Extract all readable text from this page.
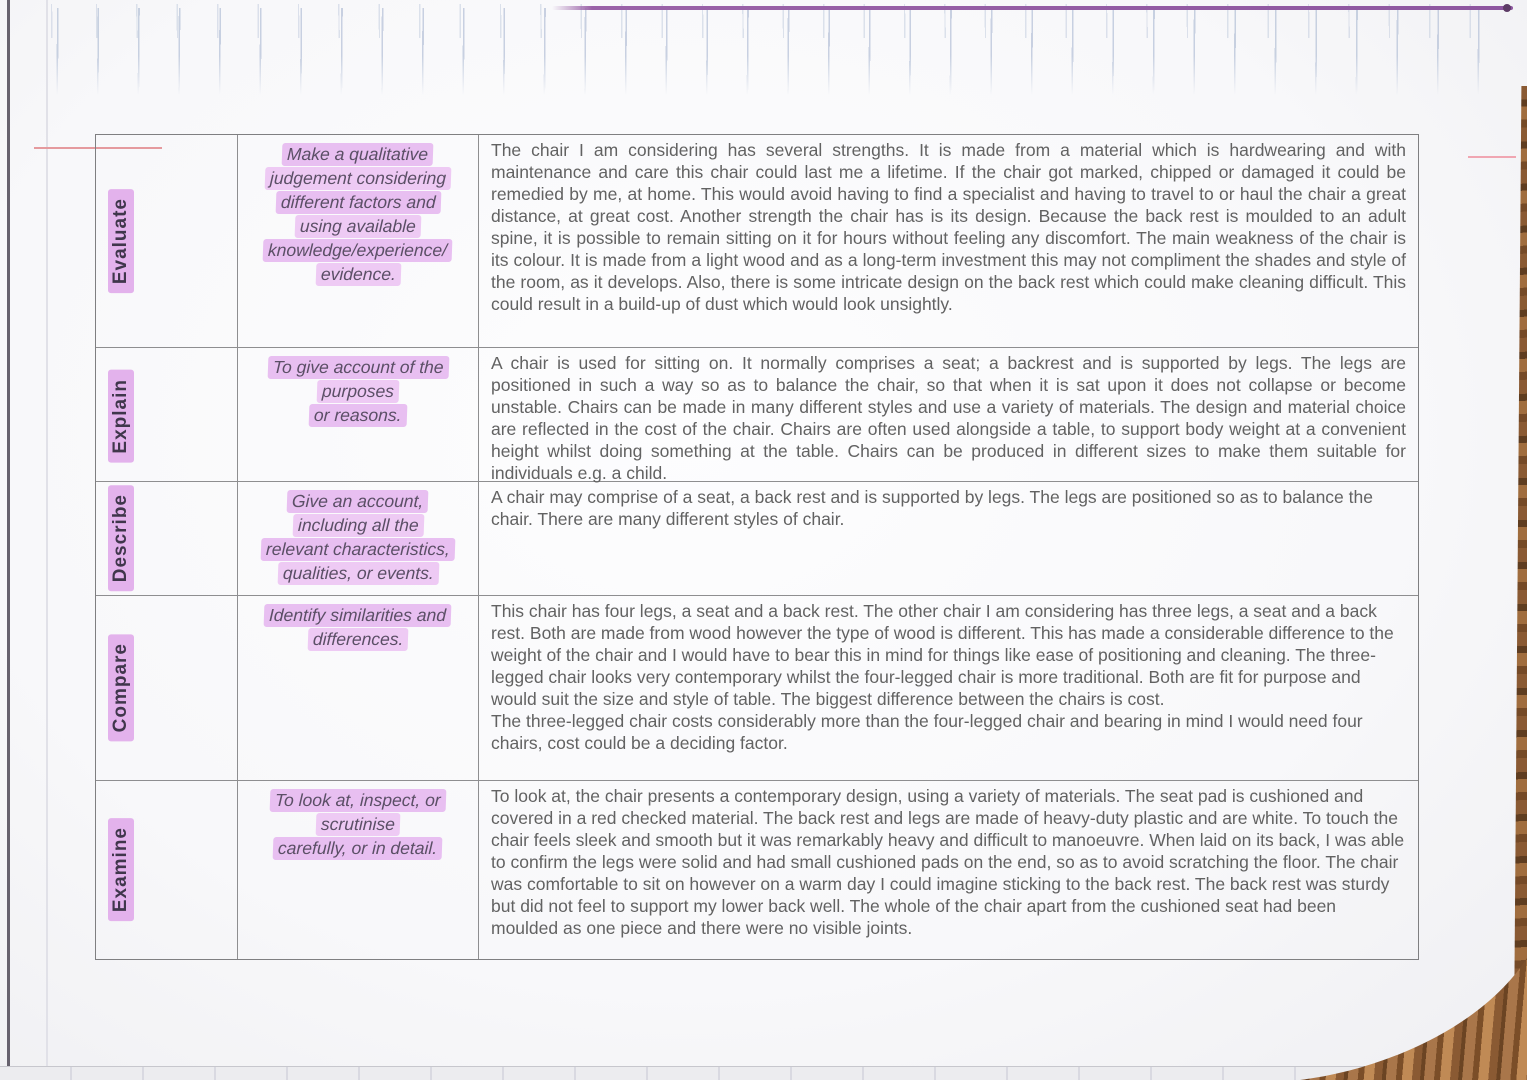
Evaluate
Make a qualitative
judgement considering
different factors and
using available
knowledge/experience/
evidence.

The chair I am considering has several strengths. It is made from a material which is hardwearing and with maintenance and care this chair could last me a lifetime. If the chair got marked, chipped or damaged it could be remedied by me, at home. This would avoid having to find a specialist and having to travel to or haul the chair a great distance, at great cost. Another strength the chair has is its design. Because the back rest is moulded to an adult spine, it is possible to remain sitting on it for hours without feeling any discomfort. The main weakness of the chair is its colour. It is made from a light wood and as a long-term investment this may not compliment the shades and style of the room, as it develops. Also, there is some intricate design on the back rest which could make cleaning difficult. This could result in a build-up of dust which would look unsightly.

Explain
To give account of the
purposes
or reasons.

A chair is used for sitting on. It normally comprises a seat; a backrest and is supported by legs. The legs are positioned in such a way so as to balance the chair, so that when it is sat upon it does not collapse or become unstable. Chairs can be made in many different styles and use a variety of materials. The design and material choice are reflected in the cost of the chair. Chairs are often used alongside a table, to support body weight at a convenient height whilst doing something at the table. Chairs can be produced in different sizes to make them suitable for individuals e.g. a child.

Describe	Give an account,
including all the
relevant characteristics,
qualities, or events.

A chair may comprise of a seat, a back rest and is supported by legs. The legs are positioned so as to balance the chair. There are many different styles of chair.

Compare
Identify similarities and
differences.

This chair has four legs, a seat and a back rest. The other chair I am considering has three legs, a seat and a back rest. Both are made from wood however the type of wood is different. This has made a considerable difference to the weight of the chair and I would have to bear this in mind for things like ease of positioning and cleaning. The three-legged chair looks very contemporary whilst the four-legged chair is more traditional. Both are fit for purpose and would suit the size and style of table. The biggest difference between the chairs is cost.

The three-legged chair costs considerably more than the four-legged chair and bearing in mind I would need four chairs, cost could be a deciding factor.

Examine
To look at, inspect, or
scrutinise
carefully, or in detail.

To look at, the chair presents a contemporary design, using a variety of materials. The seat pad is cushioned and covered in a red checked material. The back rest and legs are made of heavy-duty plastic and are white. To touch the chair feels sleek and smooth but it was remarkably heavy and difficult to manoeuvre. When laid on its back, I was able to confirm the legs were solid and had small cushioned pads on the end, so as to avoid scratching the floor. The chair was comfortable to sit on however on a warm day I could imagine sticking to the back rest. The back rest was sturdy but did not feel to support my lower back well. The whole of the chair apart from the cushioned seat had been moulded as one piece and there were no visible joints.
